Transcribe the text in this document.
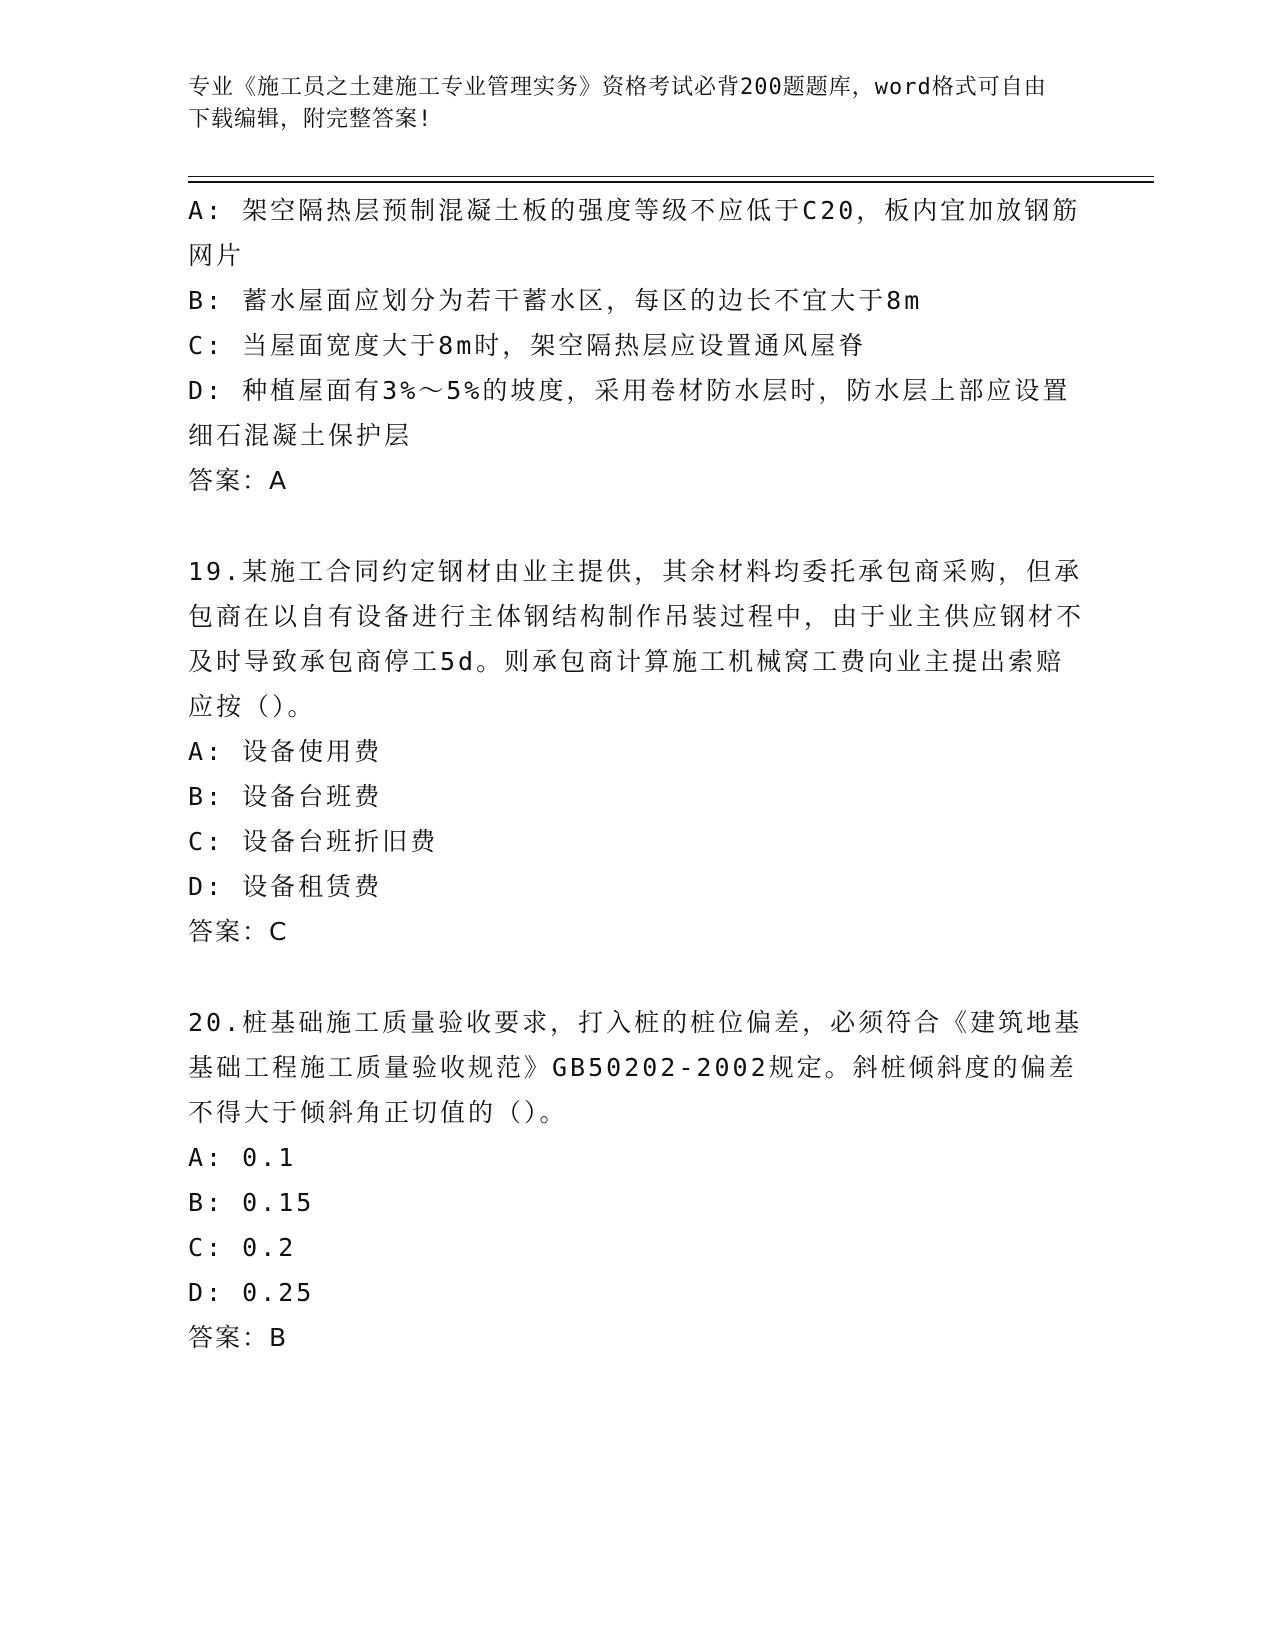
专业《施工员之土建施工专业管理实务》资格考试必背200题题库，word格式可自由下载编辑，附完整答案!

A: 架空隔热层预制混凝土板的强度等级不应低于C20，板内宜加放钢筋网片

B: 蓄水屋面应划分为若干蓄水区，每区的边长不宜大于8m

C: 当屋面宽度大于8m时，架空隔热层应设置通风屋脊

D: 种植屋面有3%～5%的坡度，采用卷材防水层时，防水层上部应设置细石混凝土保护层

答案：A

19.某施工合同约定钢材由业主提供，其余材料均委托承包商采购，但承包商在以自有设备进行主体钢结构制作吊装过程中，由于业主供应钢材不及时导致承包商停工5d。则承包商计算施工机械窝工费向业主提出索赔应按（）。

A: 设备使用费

B: 设备台班费

C: 设备台班折旧费

D: 设备租赁费

答案：C

20.桩基础施工质量验收要求，打入桩的桩位偏差，必须符合《建筑地基基础工程施工质量验收规范》GB50202-2002规定。斜桩倾斜度的偏差不得大于倾斜角正切值的（）。

A: 0.1

B: 0.15

C: 0.2

D: 0.25

答案：B
